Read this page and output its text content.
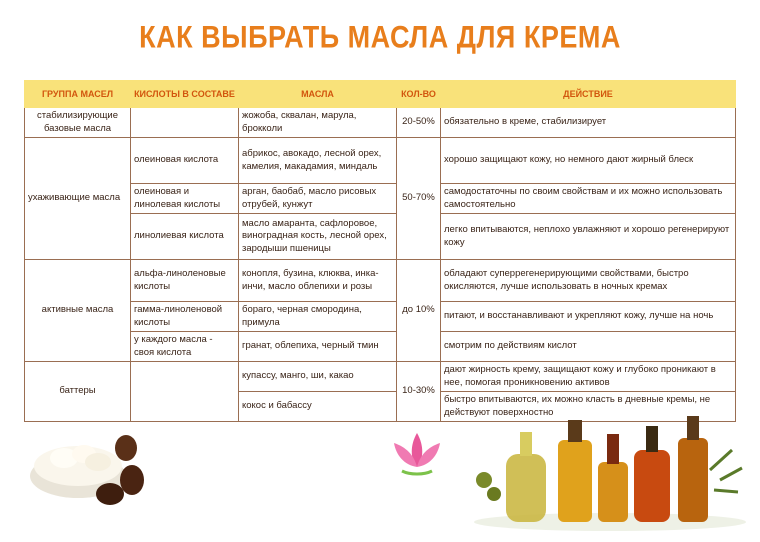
КАК ВЫБРАТЬ МАСЛА ДЛЯ КРЕМА
ГРУППА МАСЕЛ	КИСЛОТЫ В СОСТАВЕ	МАСЛА	КОЛ-ВО	ДЕЙСТВИЕ
стабилизирующие базовые масла		жожоба, сквалан, марула, брокколи	20-50%	обязательно в креме, стабилизирует
ухаживающие масла	олеиновая кислота	абрикос, авокадо, лесной орех, камелия, макадамия, миндаль	50-70%	хорошо защищают кожу, но немного дают жирный блеск
	олеиновая и линолевая кислоты	арган, баобаб, масло рисовых отрубей, кунжут		самодостаточны по своим свойствам и их можно использовать самостоятельно
	линолиевая кислота	масло амаранта, сафлоровое, виноградная кость, лесной орех, зародыши пшеницы		легко впитываются, неплохо увлажняют и хорошо регенерируют кожу
активные масла	альфа-линоленовые кислоты	конопля, бузина, клюква, инка-инчи, масло облепихи и розы	до 10%	обладают суперрегенерирующими свойствами, быстро окисляются, лучше использовать в ночных кремах
	гамма-линоленовой кислоты	бораго, черная смородина, примула		питают, и восстанавливают и укрепляют кожу, лучше на ночь
	у каждого масла - своя кислота	гранат, облепиха, черный тмин		смотрим по действиям кислот
баттеры		купассу, манго, ши, какао	10-30%	дают жирность крему, защищают кожу и глубоко проникают в нее, помогая проникновению активов
		кокос и бабассу		быстро впитываются, их можно класть в дневные кремы, не действуют поверхностно
